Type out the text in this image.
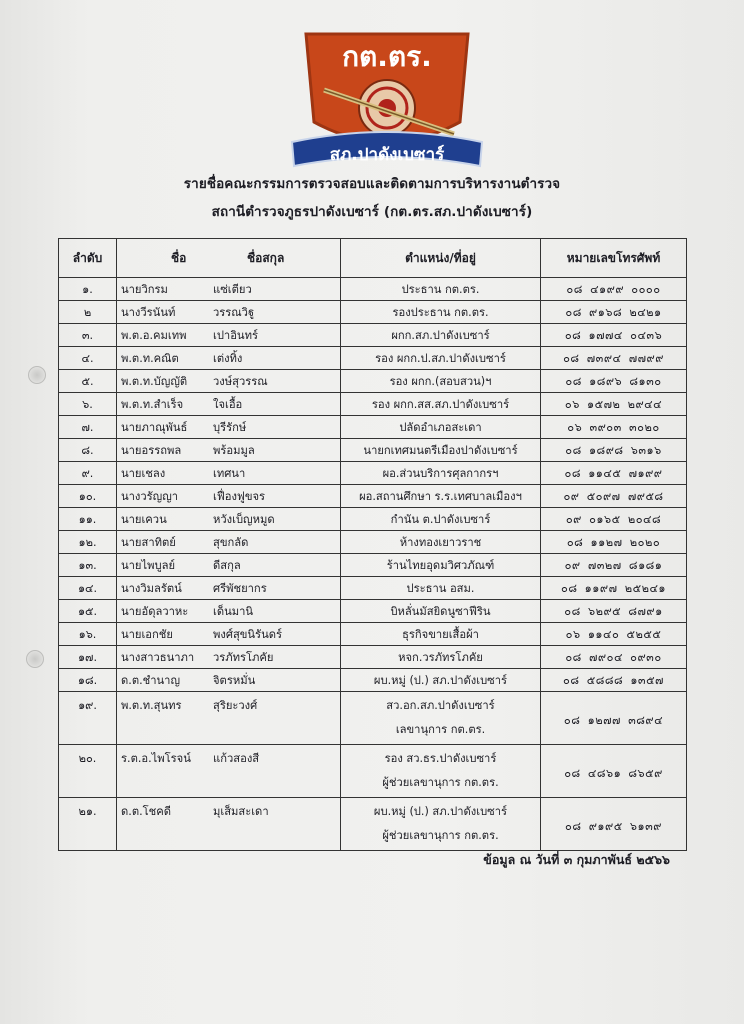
กต.ตร.
สภ.ปาดังเบซาร์
รายชื่อคณะกรรมการตรวจสอบและติดตามการบริหารงานตำรวจ
สถานีตำรวจภูธรปาดังเบซาร์ (กต.ตร.สภ.ปาดังเบซาร์)
ลำดับ	ชื่อ ชื่อสกุล	ตำแหน่ง/ที่อยู่	หมายเลขโทรศัพท์
๑.	นายวิกรม แซ่เตียว	ประธาน กต.ตร.	๐๘ ๔๑๙๙ ๐๐๐๐
๒	นางวีรนันท์ วรรณวิฐู	รองประธาน กต.ตร.	๐๘ ๙๑๖๘ ๒๔๒๑
๓.	พ.ต.อ.คมเทพ เปาอินทร์	ผกก.สภ.ปาดังเบซาร์	๐๘ ๑๗๗๔ ๐๔๓๖
๔.	พ.ต.ท.คณิต เต่งทิ้ง	รอง ผกก.ป.สภ.ปาดังเบซาร์	๐๘ ๗๓๙๔ ๗๗๙๙
๕.	พ.ต.ท.บัญญัติ วงษ์สุวรรณ	รอง ผกก.(สอบสวน)ฯ	๐๘ ๑๘๙๖ ๘๑๓๐
๖.	พ.ต.ท.สำเร็จ ใจเอื้อ	รอง ผกก.สส.สภ.ปาดังเบซาร์	๐๖ ๑๕๗๒ ๒๙๔๔
๗.	นายภาณุพันธ์ บุรีรักษ์	ปลัดอำเภอสะเดา	๐๖ ๓๙๐๓ ๓๐๒๐
๘.	นายอรรถพล พร้อมมูล	นายกเทศมนตรีเมืองปาดังเบซาร์	๐๘ ๑๘๙๘ ๖๓๑๖
๙.	นายเชลง เทศนา	ผอ.ส่วนบริการศุลกากรฯ	๐๘ ๑๑๔๕ ๗๑๙๙
๑๐.	นางวรัญญา เฟื่องฟูขจร	ผอ.สถานศึกษา ร.ร.เทศบาลเมืองฯ	๐๙ ๕๐๙๗ ๗๙๕๘
๑๑.	นายเควน หวังเบ็ญหมูด	กำนัน ต.ปาดังเบซาร์	๐๙ ๐๑๖๕ ๒๐๔๘
๑๒.	นายสาทิตย์ สุขกลัด	ห้างทองเยาวราช	๐๘ ๑๑๒๗ ๒๐๒๐
๑๓.	นายไพบูลย์ ดีสกุล	ร้านไทยอุดมวิศวภัณฑ์	๐๙ ๗๓๒๗ ๘๑๘๑
๑๔.	นางวิมลรัตน์ ศรีพัชยากร	ประธาน อสม.	๐๘ ๑๑๙๗ ๒๕๒๔๑
๑๕.	นายอัดุลวาหะ เด็นมานิ	บิหลั่นมัสยิดนูซาฟีริน	๐๘ ๖๒๙๕ ๘๗๙๑
๑๖.	นายเอกชัย พงศ์สุขนิรันดร์	ธุรกิจขายเสื้อผ้า	๐๖ ๑๑๔๐ ๕๒๕๕
๑๗.	นางสาวธนาภา วรภัทรโภคัย	หจก.วรภัทรโภคัย	๐๘ ๗๙๐๔ ๐๙๓๐
๑๘.	ด.ต.ชำนาญ จิตรหมั่น	ผบ.หมู่ (ป.) สภ.ปาดังเบซาร์	๐๘ ๕๘๘๘ ๑๓๕๗
๑๙.	พ.ต.ท.สุนทร สุริยะวงศ์	สว.อก.สภ.ปาดังเบซาร์
เลขานุการ กต.ตร.	๐๘ ๑๒๗๗ ๓๘๙๔
๒๐.	ร.ต.อ.ไพโรจน์ แก้วสองสี	รอง สว.ธร.ปาดังเบซาร์
ผู้ช่วยเลขานุการ กต.ตร.	๐๘ ๔๘๖๑ ๘๖๕๙
๒๑.	ด.ต.โชคดี มุเส็มสะเดา	ผบ.หมู่ (ป.) สภ.ปาดังเบซาร์
ผู้ช่วยเลขานุการ กต.ตร.	๐๘ ๙๑๙๕ ๖๑๓๙
ข้อมูล ณ วันที่ ๓ กุมภาพันธ์ ๒๕๖๖
